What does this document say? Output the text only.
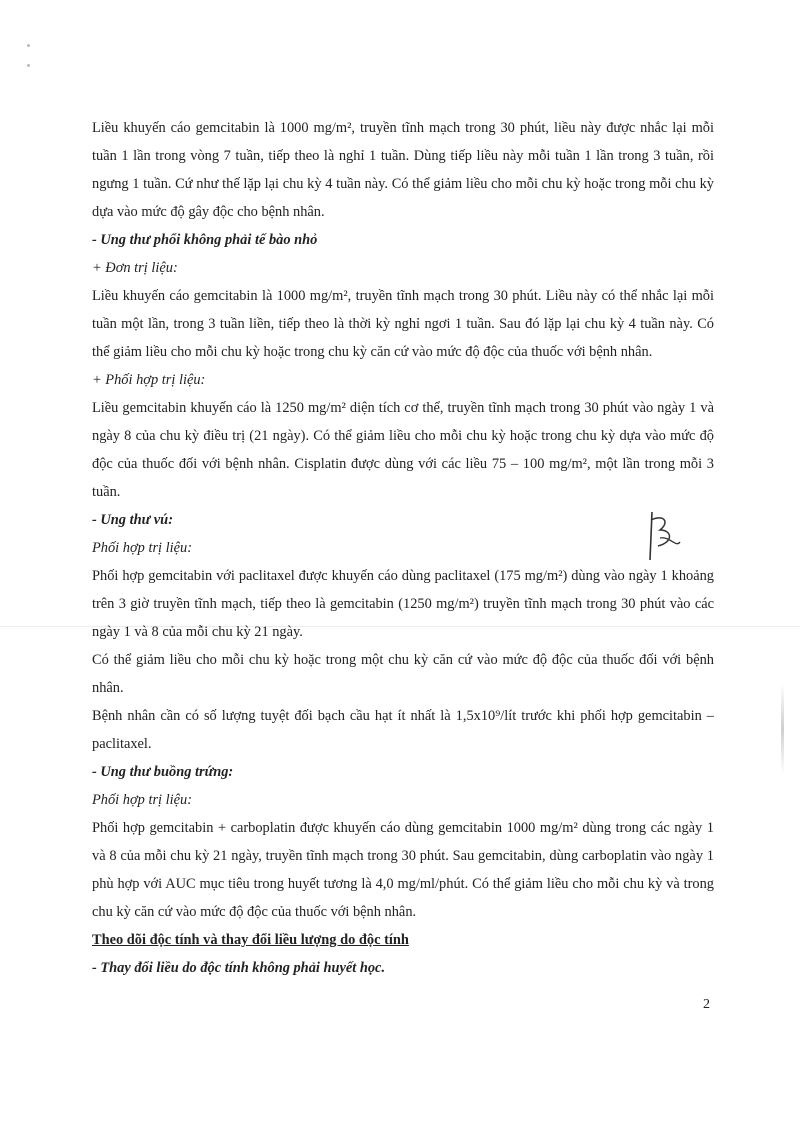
Liều khuyến cáo gemcitabin là 1000 mg/m², truyền tĩnh mạch trong 30 phút, liều này được nhắc lại mỗi tuần 1 lần trong vòng 7 tuần, tiếp theo là nghỉ 1 tuần. Dùng tiếp liều này mỗi tuần 1 lần trong 3 tuần, rồi ngưng 1 tuần. Cứ như thế lặp lại chu kỳ 4 tuần này. Có thể giảm liều cho mỗi chu kỳ hoặc trong mỗi chu kỳ dựa vào mức độ gây độc cho bệnh nhân.

- Ung thư phổi không phải tế bào nhỏ

+ Đơn trị liệu:

Liều khuyến cáo gemcitabin là 1000 mg/m², truyền tĩnh mạch trong 30 phút. Liều này có thể nhắc lại mỗi tuần một lần, trong 3 tuần liền, tiếp theo là thời kỳ nghỉ ngơi 1 tuần. Sau đó lặp lại chu kỳ 4 tuần này. Có thể giảm liều cho mỗi chu kỳ hoặc trong chu kỳ căn cứ vào mức độ độc của thuốc với bệnh nhân.

+ Phối hợp trị liệu:

Liều gemcitabin khuyến cáo là 1250 mg/m² diện tích cơ thể, truyền tĩnh mạch trong 30 phút vào ngày 1 và ngày 8 của chu kỳ điều trị (21 ngày). Có thể giảm liều cho mỗi chu kỳ hoặc trong chu kỳ dựa vào mức độ độc của thuốc đối với bệnh nhân. Cisplatin được dùng với các liều 75 – 100 mg/m², một lần trong mỗi 3 tuần.

- Ung thư vú:

Phối hợp trị liệu:

Phối hợp gemcitabin với paclitaxel được khuyến cáo dùng paclitaxel (175 mg/m²) dùng vào ngày 1 khoảng trên 3 giờ truyền tĩnh mạch, tiếp theo là gemcitabin (1250 mg/m²) truyền tĩnh mạch trong 30 phút vào các ngày 1 và 8 của mỗi chu kỳ 21 ngày.

Có thể giảm liều cho mỗi chu kỳ hoặc trong một chu kỳ căn cứ vào mức độ độc của thuốc đối với bệnh nhân.

Bệnh nhân cần có số lượng tuyệt đối bạch cầu hạt ít nhất là 1,5x10⁹/lít trước khi phối hợp gemcitabin – paclitaxel.

- Ung thư buồng trứng:

Phối hợp trị liệu:

Phối hợp gemcitabin + carboplatin được khuyến cáo dùng gemcitabin 1000 mg/m² dùng trong các ngày 1 và 8 của mỗi chu kỳ 21 ngày, truyền tĩnh mạch trong 30 phút. Sau gemcitabin, dùng carboplatin vào ngày 1 phù hợp với AUC mục tiêu trong huyết tương là 4,0 mg/ml/phút. Có thể giảm liều cho mỗi chu kỳ và trong chu kỳ căn cứ vào mức độ độc của thuốc với bệnh nhân.

Theo dõi độc tính và thay đổi liều lượng do độc tính

- Thay đổi liều do độc tính không phải huyết học.

2
